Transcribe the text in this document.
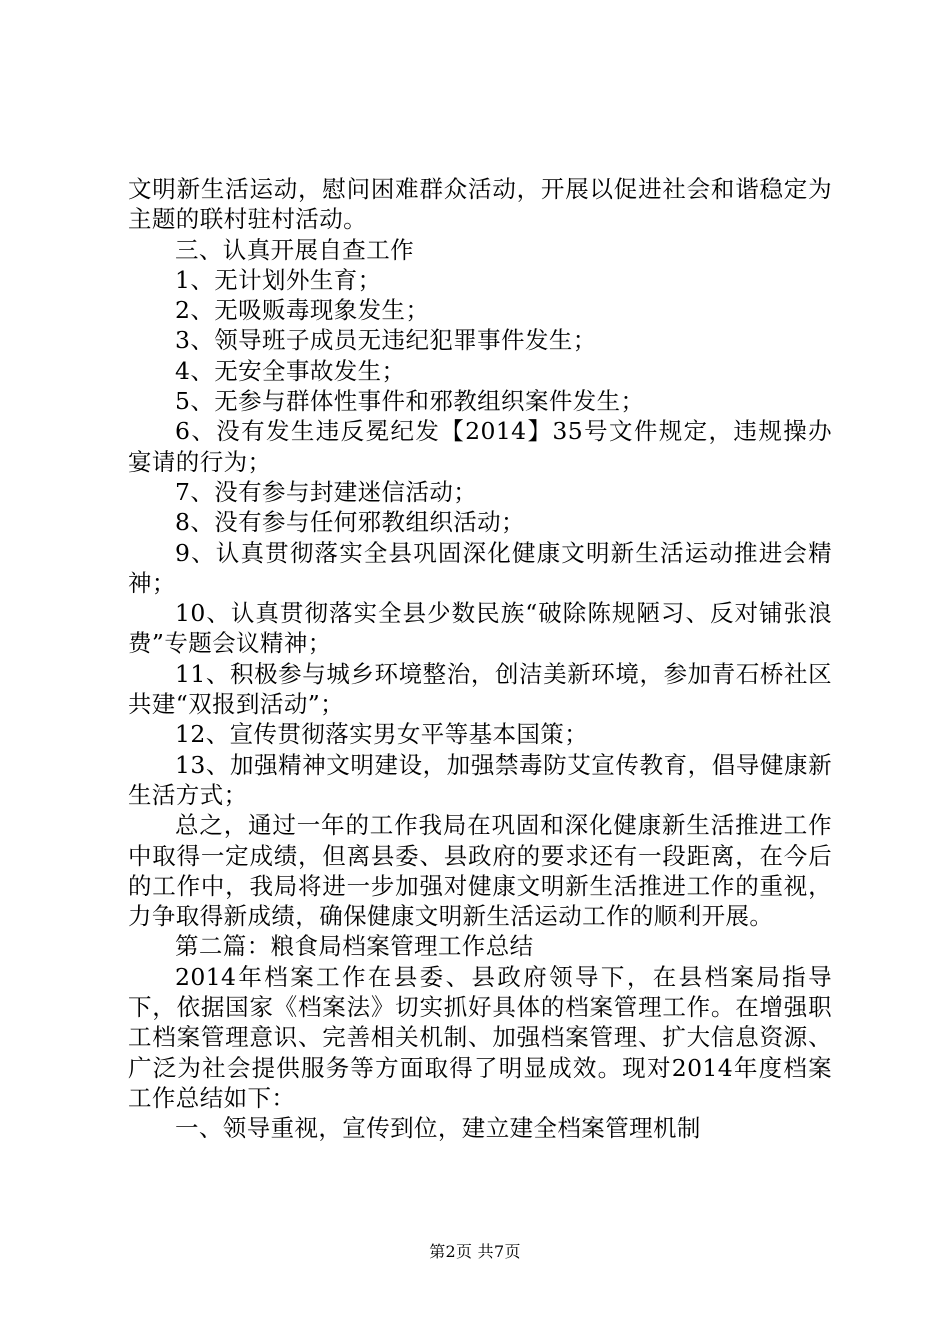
文明新生活运动，慰问困难群众活动，开展以促进社会和谐稳定为主题的联村驻村活动。

三、认真开展自查工作

1、无计划外生育；

2、无吸贩毒现象发生；

3、领导班子成员无违纪犯罪事件发生；

4、无安全事故发生；

5、无参与群体性事件和邪教组织案件发生；

6、没有发生违反冕纪发【2014】35号文件规定，违规操办宴请的行为；

7、没有参与封建迷信活动；

8、没有参与任何邪教组织活动；

9、认真贯彻落实全县巩固深化健康文明新生活运动推进会精神；

10、认真贯彻落实全县少数民族“破除陈规陋习、反对铺张浪费”专题会议精神；

11、积极参与城乡环境整治，创洁美新环境，参加青石桥社区共建“双报到活动”；

12、宣传贯彻落实男女平等基本国策；

13、加强精神文明建设，加强禁毒防艾宣传教育，倡导健康新生活方式；

总之，通过一年的工作我局在巩固和深化健康新生活推进工作中取得一定成绩，但离县委、县政府的要求还有一段距离，在今后的工作中，我局将进一步加强对健康文明新生活推进工作的重视，力争取得新成绩，确保健康文明新生活运动工作的顺利开展。

第二篇：粮食局档案管理工作总结

2014年档案工作在县委、县政府领导下，在县档案局指导下，依据国家《档案法》切实抓好具体的档案管理工作。在增强职工档案管理意识、完善相关机制、加强档案管理、扩大信息资源、广泛为社会提供服务等方面取得了明显成效。现对2014年度档案工作总结如下：

一、领导重视，宣传到位，建立建全档案管理机制

第2页 共7页
